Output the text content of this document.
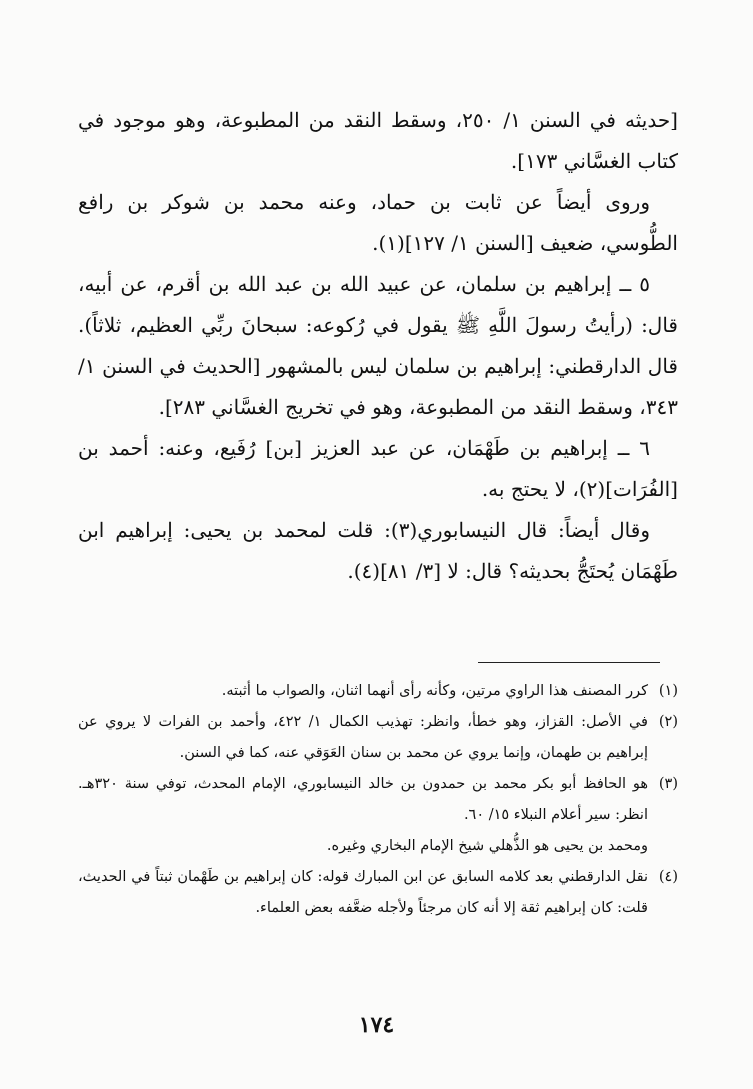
[حديثه في السنن ١/ ٢٥٠، وسقط النقد من المطبوعة، وهو موجود في كتاب الغسَّاني ١٧٣].

وروى أيضاً عن ثابت بن حماد، وعنه محمد بن شوكر بن رافع الطُّوسي، ضعيف [السنن ١/ ١٢٧](١).

٥ ــ إبراهيم بن سلمان، عن عبيد الله بن عبد الله بن أقرم، عن أبيه، قال: (رأيتُ رسولَ اللَّهِ ﷺ يقول في رُكوعه: سبحانَ ربِّي العظيم، ثلاثاً). قال الدارقطني: إبراهيم بن سلمان ليس بالمشهور [الحديث في السنن ١/ ٣٤٣، وسقط النقد من المطبوعة، وهو في تخريج الغسَّاني ٢٨٣].

٦ ــ إبراهيم بن طَهْمَان، عن عبد العزيز [بن] رُفَيع، وعنه: أحمد بن [الفُرَات](٢)، لا يحتج به.

وقال أيضاً: قال النيسابوري(٣): قلت لمحمد بن يحيى: إبراهيم ابن طَهْمَان يُحتَجُّ بحديثه؟ قال: لا [٣/ ٨١](٤).

(١)
كرر المصنف هذا الراوي مرتين، وكأنه رأى أنهما اثنان، والصواب ما أثبته.
(٢)
في الأصل: القزاز، وهو خطأ، وانظر: تهذيب الكمال ١/ ٤٢٢، وأحمد بن الفرات لا يروي عن إبراهيم بن طهمان، وإنما يروي عن محمد بن سنان العَوَقي عنه، كما في السنن.
(٣)
هو الحافظ أبو بكر محمد بن حمدون بن خالد النيسابوري، الإمام المحدث، توفي سنة ٣٢٠هـ. انظر: سير أعلام النبلاء ١٥/ ٦٠.

ومحمد بن يحيى هو الذُّهلي شيخ الإمام البخاري وغيره.

(٤)
نقل الدارقطني بعد كلامه السابق عن ابن المبارك قوله: كان إبراهيم بن طَهْمان ثبتاً في الحديث، قلت: كان إبراهيم ثقة إلا أنه كان مرجئاً ولأجله ضعَّفه بعض العلماء.
١٧٤
